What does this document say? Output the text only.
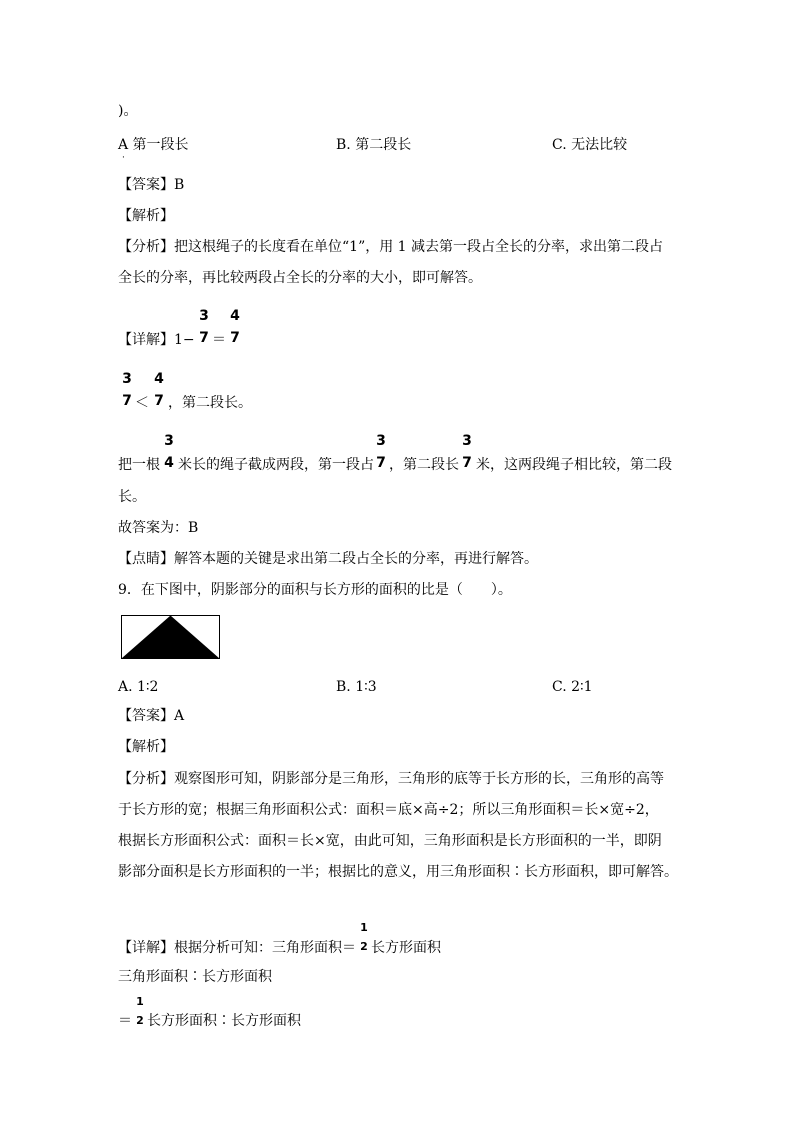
)。
A 第一段长
·
B. 第二段长	C. 无法比较
【答案】B
【解析】
【分析】把这根绳子的长度看在单位“1”，用 1 减去第一段占全长的分率，求出第二段占
全长的分率，再比较两段占全长的分率的大小，即可解答。
【详解】1−
3
7 ＝
4
7
3
7 ＜
4
7 ，第二段长。
把一根
3
4 米长的绳子截成两段，第一段占
3
7 ，第二段长
3
7 米，这两段绳子相比较，第二段
长。
故答案为：B
【点睛】解答本题的关键是求出第二段占全长的分率，再进行解答。
9．在下图中，阴影部分的面积与长方形的面积的比是（　　）。
A. 1∶2	B. 1∶3	C. 2∶1
【答案】A
【解析】
【分析】观察图形可知，阴影部分是三角形，三角形的底等于长方形的长，三角形的高等
于长方形的宽；根据三角形面积公式：面积＝底×高÷2；所以三角形面积＝长×宽÷2，
根据长方形面积公式：面积＝长×宽，由此可知，三角形面积是长方形面积的一半，即阴
影部分面积是长方形面积的一半；根据比的意义，用三角形面积∶长方形面积，即可解答。
【详解】根据分析可知：三角形面积＝
1
2 长方形面积
三角形面积∶长方形面积
＝
1
2 长方形面积∶长方形面积
